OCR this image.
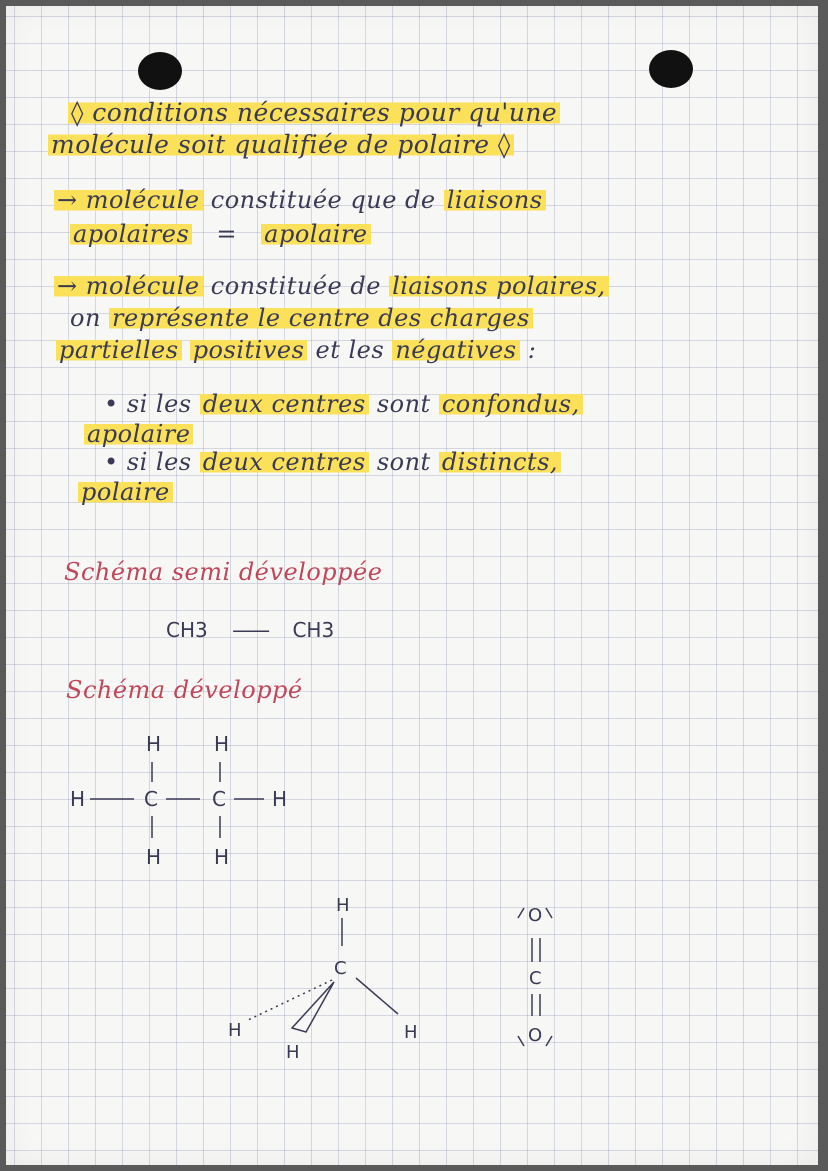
◊ conditions nécessaires pour qu'une
molécule soit qualifiée de polaire ◊
→ molécule constituée que de liaisons
apolaires = apolaire
→ molécule constituée de liaisons polaires,
on représente le centre des charges
partielles positives et les négatives :
• si les deux centres sont confondus,
apolaire
• si les deux centres sont distincts,
polaire
Schéma semi développée
CH3 —— CH3
Schéma développé
H	H
H	C	C H
H	H
H
C
H
H
H
O
C
O
